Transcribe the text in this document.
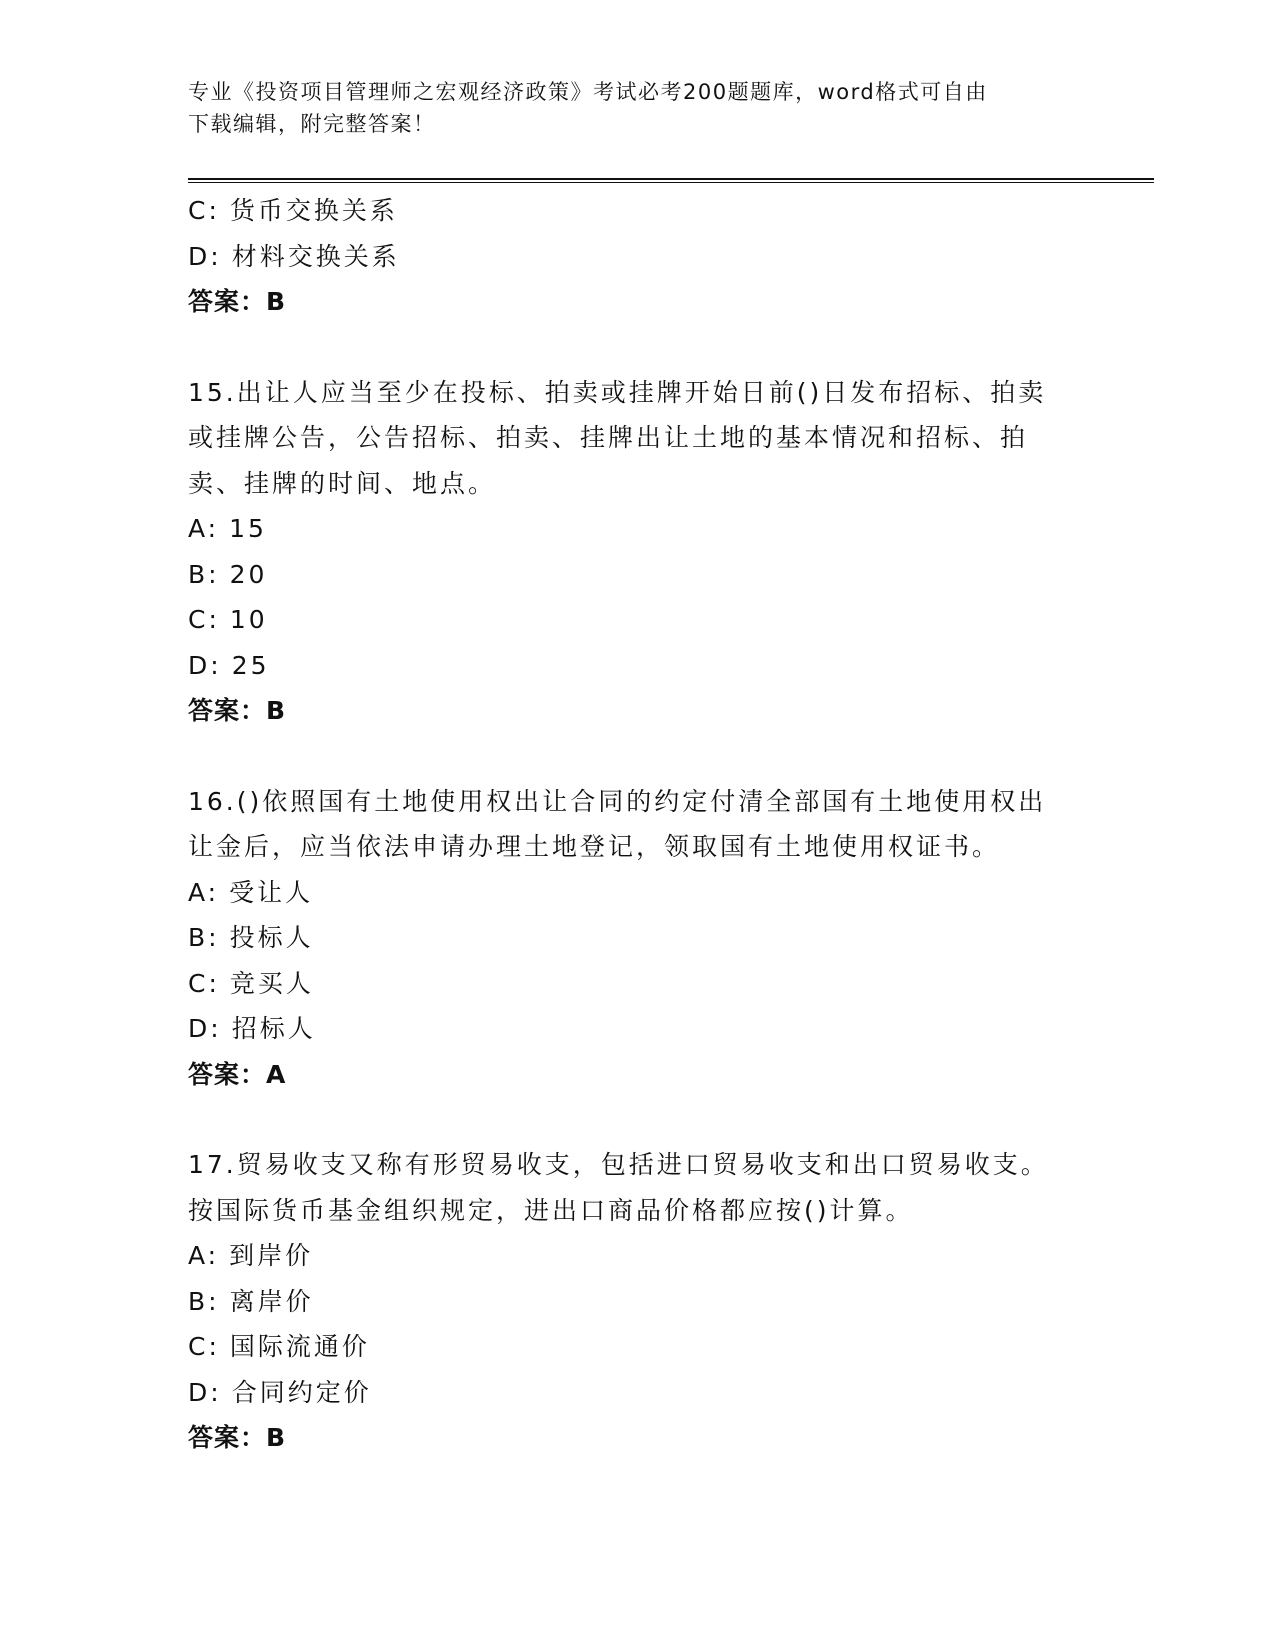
专业《投资项目管理师之宏观经济政策》考试必考200题题库，word格式可自由
下载编辑，附完整答案！
C: 货币交换关系
D: 材料交换关系
答案：B
15.出让人应当至少在投标、拍卖或挂牌开始日前()日发布招标、拍卖
或挂牌公告，公告招标、拍卖、挂牌出让土地的基本情况和招标、拍
卖、挂牌的时间、地点。
A: 15
B: 20
C: 10
D: 25
答案：B
16.()依照国有土地使用权出让合同的约定付清全部国有土地使用权出
让金后，应当依法申请办理土地登记，领取国有土地使用权证书。
A: 受让人
B: 投标人
C: 竞买人
D: 招标人
答案：A
17.贸易收支又称有形贸易收支，包括进口贸易收支和出口贸易收支。
按国际货币基金组织规定，进出口商品价格都应按()计算。
A: 到岸价
B: 离岸价
C: 国际流通价
D: 合同约定价
答案：B
